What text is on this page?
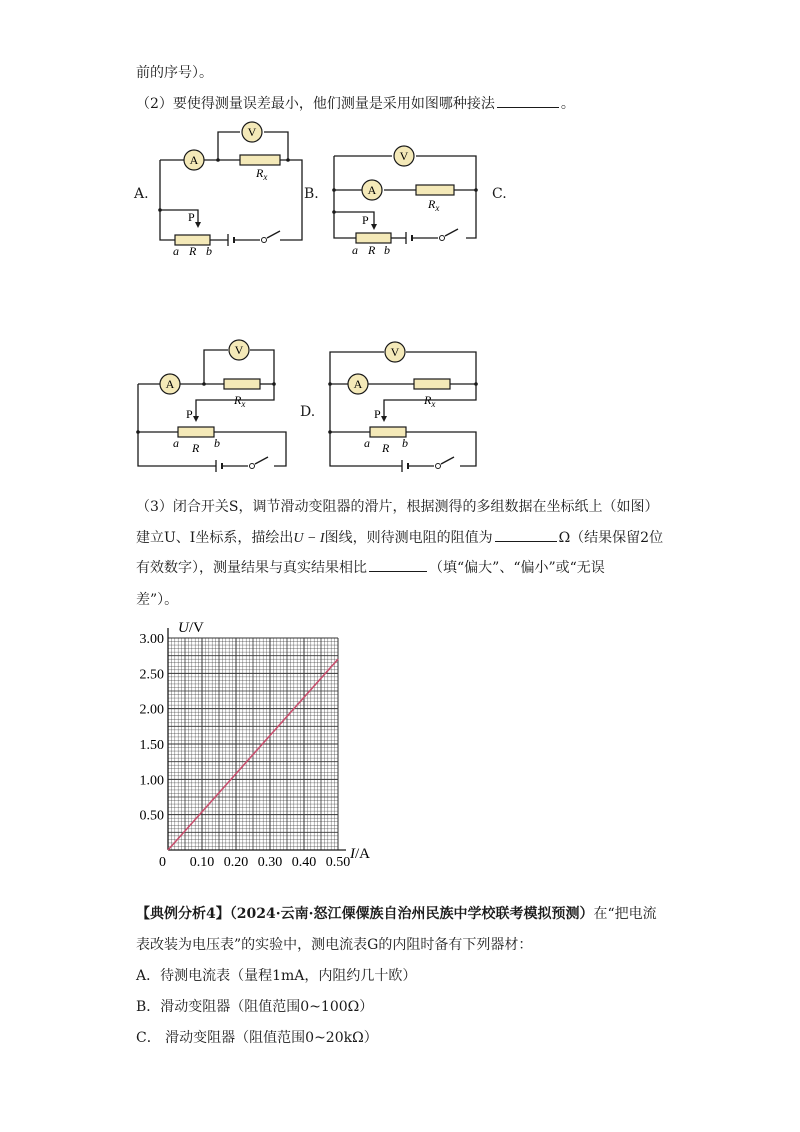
前的序号）。
（2）要使得测量误差最小，他们测量是采用如图哪种接法	。
A.	B.	C.
D.
A
V
$R_x$
P
a R b
V
A
$R_x$
P
a R b
A
V
$R_x$
P
a R b
A
V
$R_x$
P
a R b
（3）闭合开关S，调节滑动变阻器的滑片，根据测得的多组数据在坐标纸上（如图）
建立U、I坐标系，描绘出U − I图线，则待测电阻的阻值为	Ω（结果保留2位
有效数字），测量结果与真实结果相比	（填“偏大”、“偏小”或“无误
差”）。
0 0.10 0.20 0.30 0.40 0.50
0.50
1.00
1.50
2.00
2.50
3.00
U/V
I/A
【典例分析4】（2024·云南·怒江傈僳族自治州民族中学校联考模拟预测）在“把电流
表改装为电压表”的实验中，测电流表G的内阻时备有下列器材：
A．待测电流表（量程1mA，内阻约几十欧）
B．滑动变阻器（阻值范围0~100Ω）
C． 滑动变阻器（阻值范围0~20kΩ）
